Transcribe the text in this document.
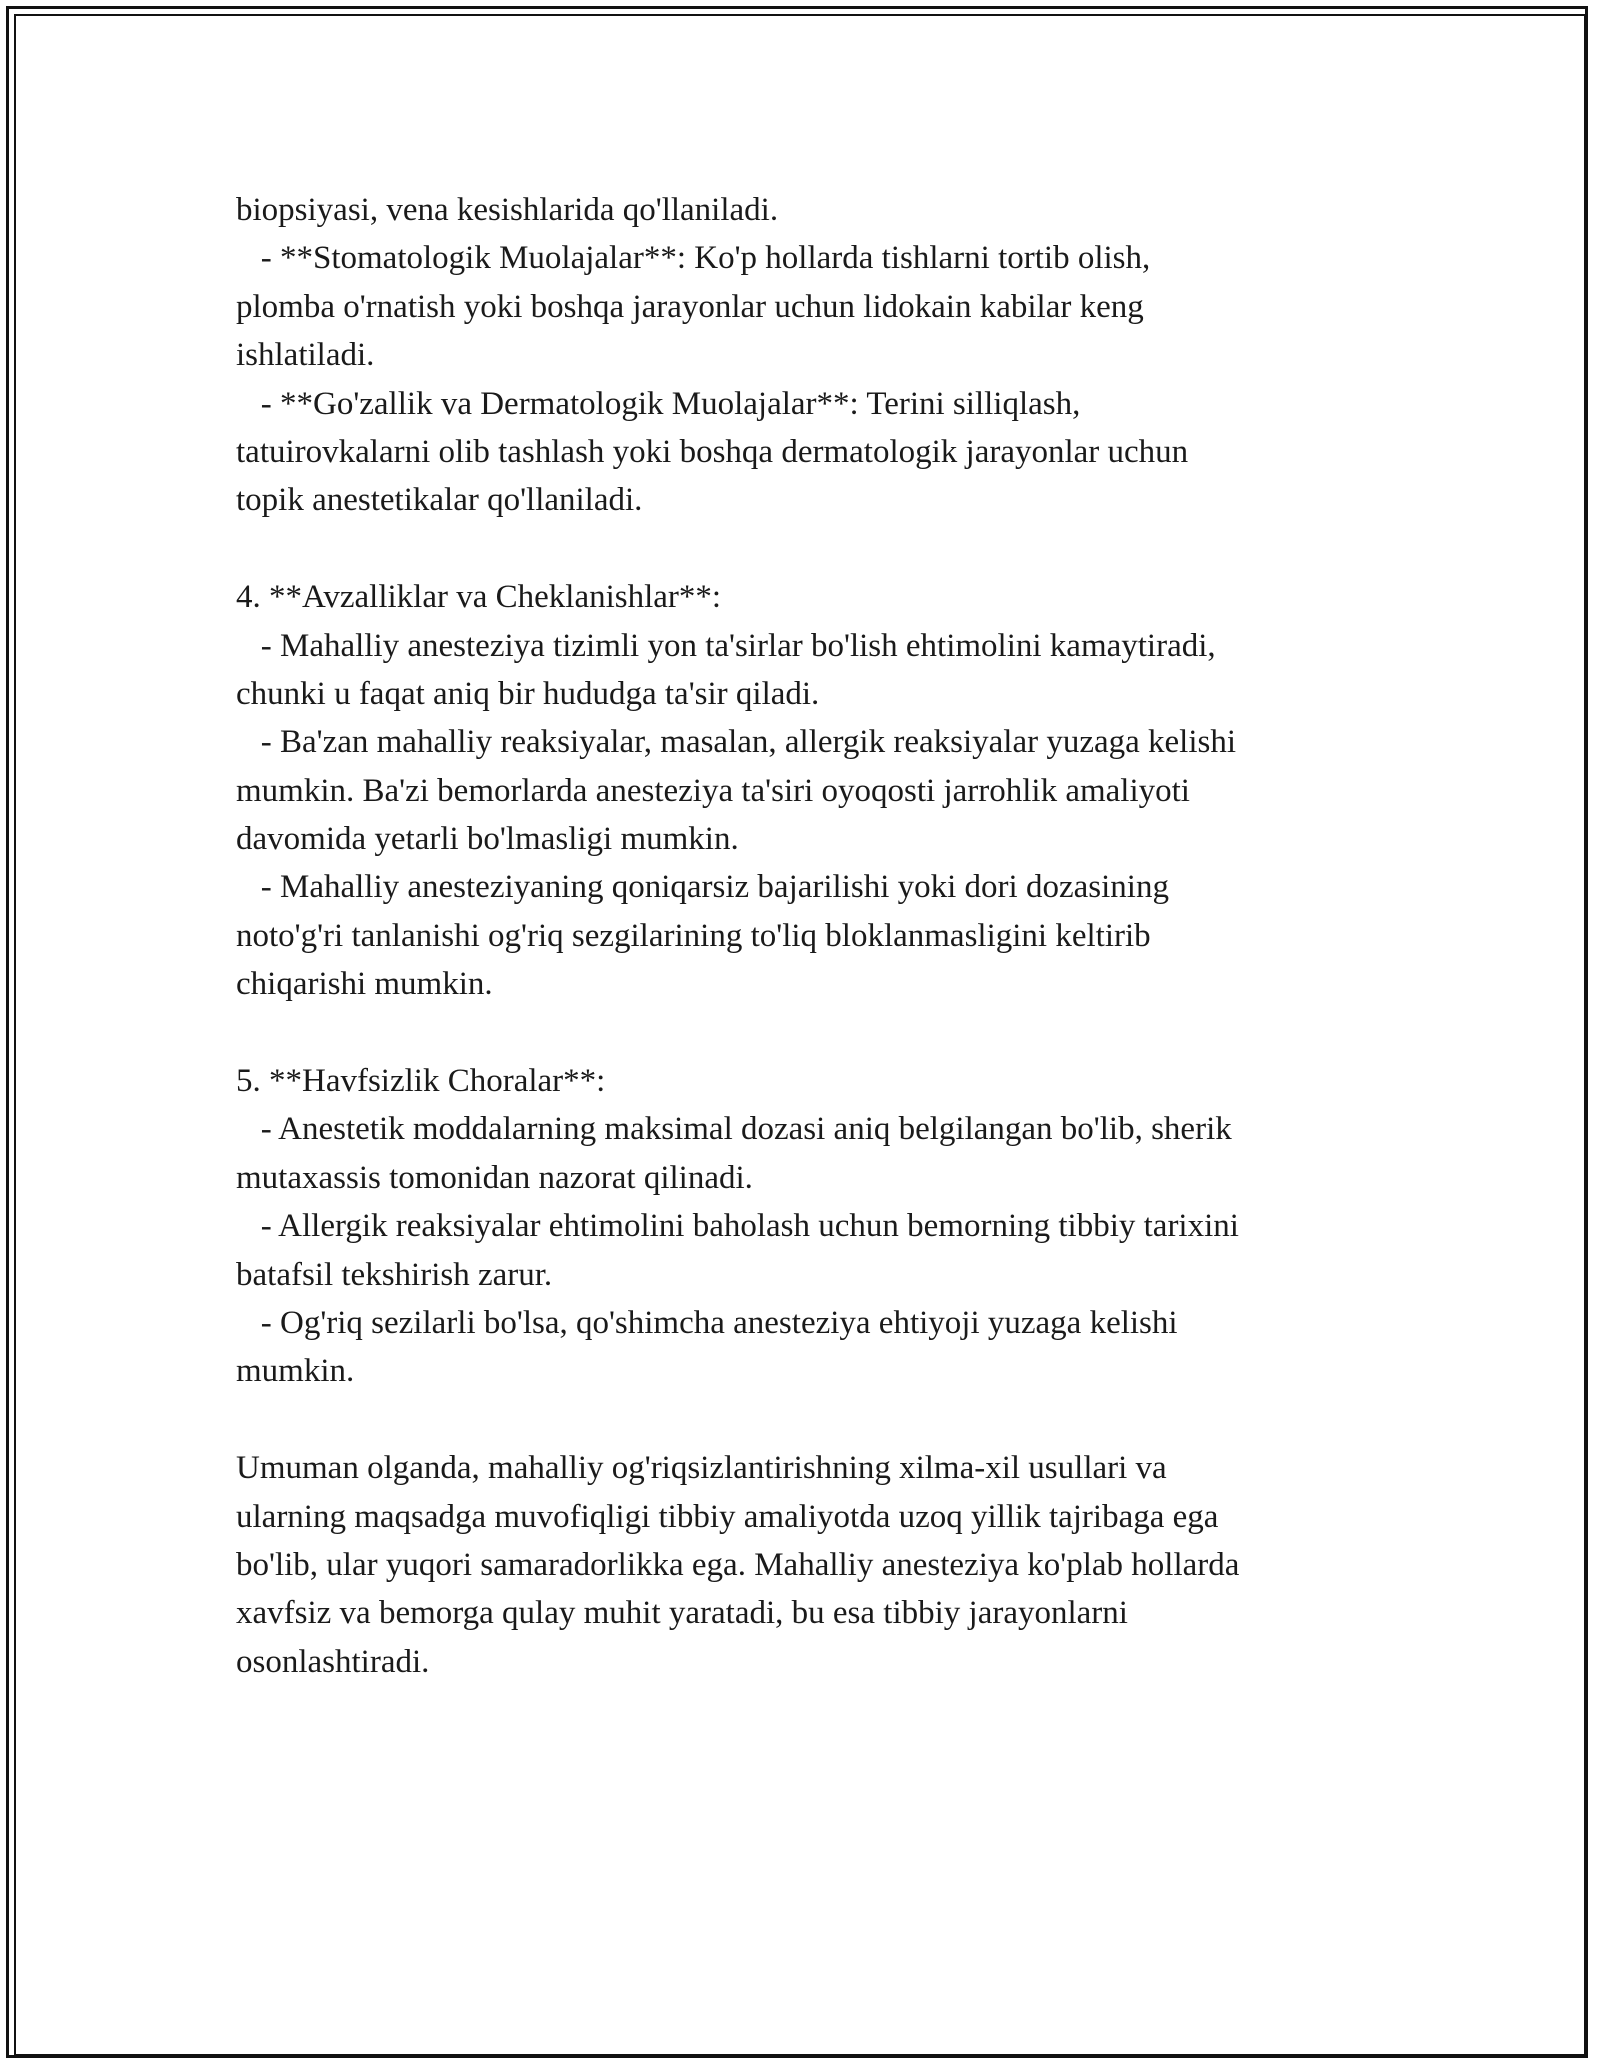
biopsiyasi, vena kesishlarida qo'llaniladi.
- **Stomatologik Muolajalar**: Ko'p hollarda tishlarni tortib olish,
plomba o'rnatish yoki boshqa jarayonlar uchun lidokain kabilar keng
ishlatiladi.
- **Go'zallik va Dermatologik Muolajalar**: Terini silliqlash,
tatuirovkalarni olib tashlash yoki boshqa dermatologik jarayonlar uchun
topik anestetikalar qo'llaniladi.
4. **Avzalliklar va Cheklanishlar**:
- Mahalliy anesteziya tizimli yon ta'sirlar bo'lish ehtimolini kamaytiradi,
chunki u faqat aniq bir hududga ta'sir qiladi.
- Ba'zan mahalliy reaksiyalar, masalan, allergik reaksiyalar yuzaga kelishi
mumkin. Ba'zi bemorlarda anesteziya ta'siri oyoqosti jarrohlik amaliyoti
davomida yetarli bo'lmasligi mumkin.
- Mahalliy anesteziyaning qoniqarsiz bajarilishi yoki dori dozasining
noto'g'ri tanlanishi og'riq sezgilarining to'liq bloklanmasligini keltirib
chiqarishi mumkin.
5. **Havfsizlik Choralar**:
- Anestetik moddalarning maksimal dozasi aniq belgilangan bo'lib, sherik
mutaxassis tomonidan nazorat qilinadi.
- Allergik reaksiyalar ehtimolini baholash uchun bemorning tibbiy tarixini
batafsil tekshirish zarur.
- Og'riq sezilarli bo'lsa, qo'shimcha anesteziya ehtiyoji yuzaga kelishi
mumkin.
Umuman olganda, mahalliy og'riqsizlantirishning xilma-xil usullari va
ularning maqsadga muvofiqligi tibbiy amaliyotda uzoq yillik tajribaga ega
bo'lib, ular yuqori samaradorlikka ega. Mahalliy anesteziya ko'plab hollarda
xavfsiz va bemorga qulay muhit yaratadi, bu esa tibbiy jarayonlarni
osonlashtiradi.
